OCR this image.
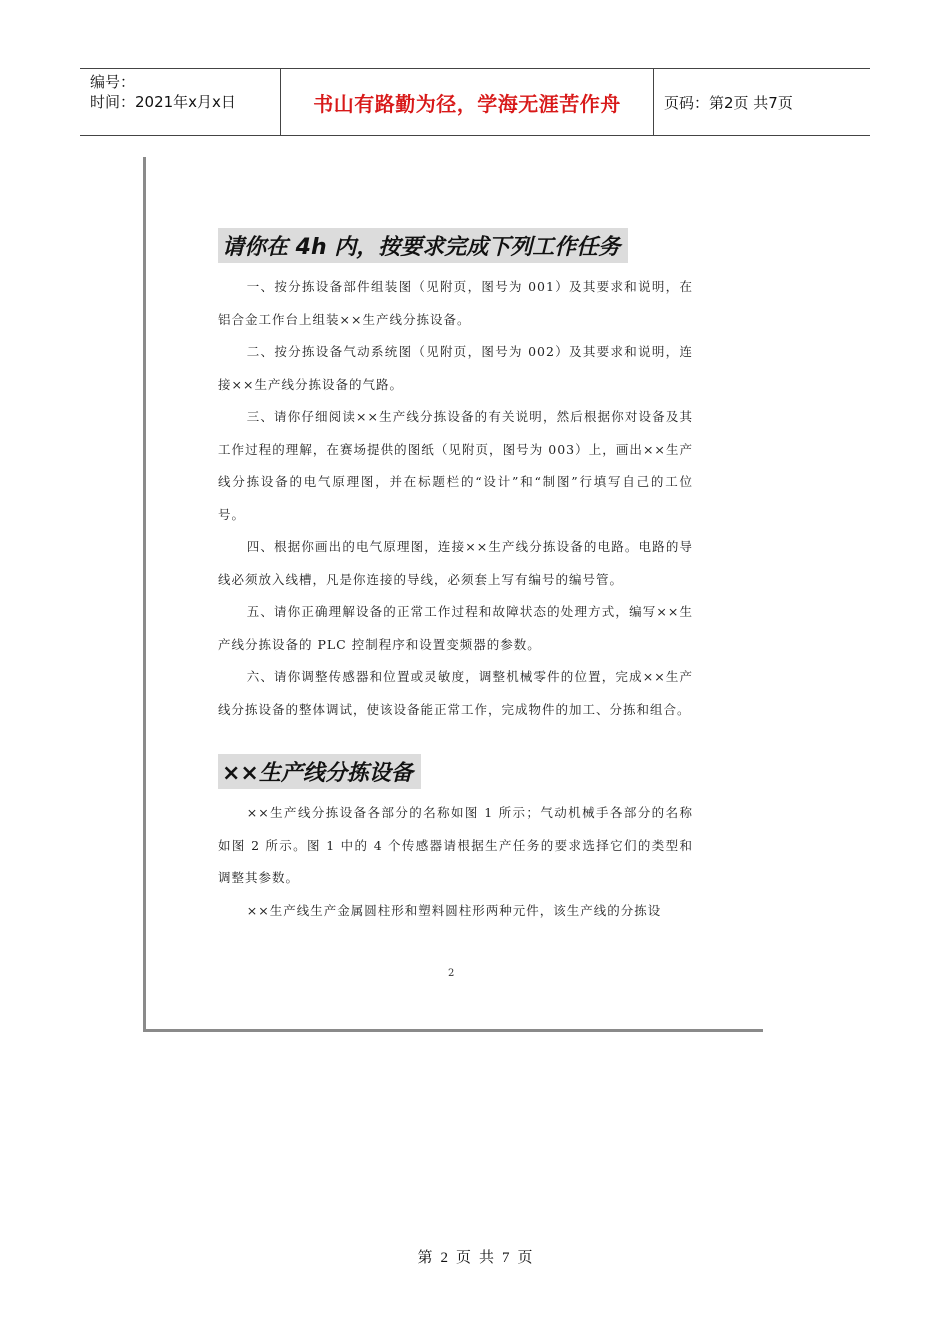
编号：
时间：2021年x月x日	书山有路勤为径，学海无涯苦作舟	页码：第2页 共7页
请你在 4h 内，按要求完成下列工作任务

一、按分拣设备部件组装图（见附页，图号为 001）及其要求和说明，在铝合金工作台上组装××生产线分拣设备。

二、按分拣设备气动系统图（见附页，图号为 002）及其要求和说明，连接××生产线分拣设备的气路。

三、请你仔细阅读××生产线分拣设备的有关说明，然后根据你对设备及其工作过程的理解，在赛场提供的图纸（见附页，图号为 003）上，画出××生产线分拣设备的电气原理图，并在标题栏的“设计”和“制图”行填写自己的工位号。

四、根据你画出的电气原理图，连接××生产线分拣设备的电路。电路的导线必须放入线槽，凡是你连接的导线，必须套上写有编号的编号管。

五、请你正确理解设备的正常工作过程和故障状态的处理方式，编写××生产线分拣设备的 PLC 控制程序和设置变频器的参数。

六、请你调整传感器和位置或灵敏度，调整机械零件的位置，完成××生产线分拣设备的整体调试，使该设备能正常工作，完成物件的加工、分拣和组合。

××生产线分拣设备

××生产线分拣设备各部分的名称如图 1 所示；气动机械手各部分的名称如图 2 所示。图 1 中的 4 个传感器请根据生产任务的要求选择它们的类型和调整其参数。

××生产线生产金属圆柱形和塑料圆柱形两种元件，该生产线的分拣设

2
第 2 页 共 7 页
